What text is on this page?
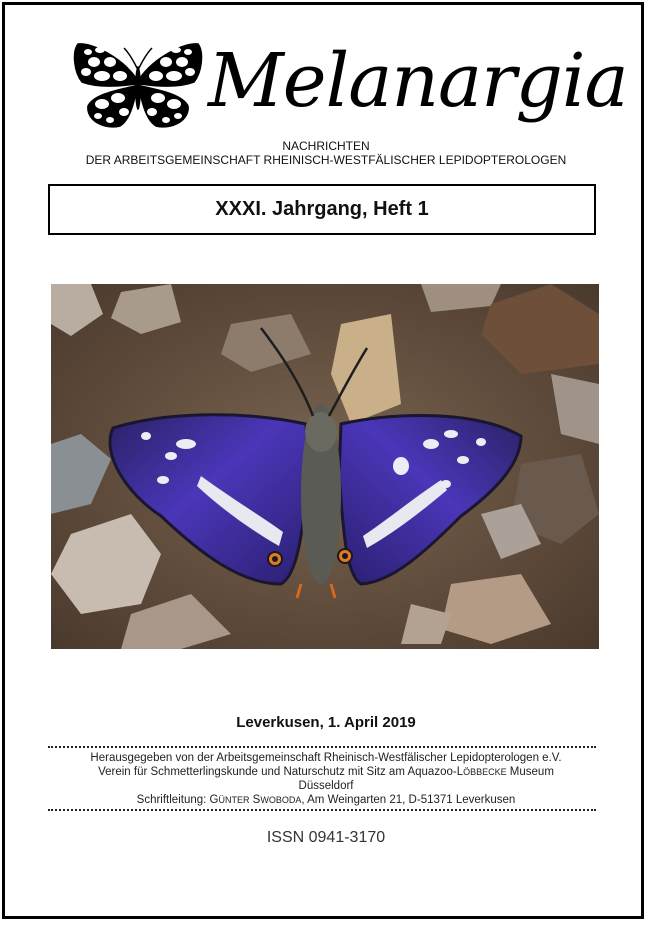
Melanargia
NACHRICHTEN
DER ARBEITSGEMEINSCHAFT RHEINISCH-WESTFÄLISCHER LEPIDOPTEROLOGEN
XXXI. Jahrgang, Heft 1
Leverkusen, 1. April 2019
Herausgegeben von der Arbeitsgemeinschaft Rheinisch-Westfälischer Lepidopterologen e.V.
Verein für Schmetterlingskunde und Naturschutz mit Sitz am Aquazoo-LÖBBECKE Museum
Düsseldorf
Schriftleitung: GÜNTER SWOBODA, Am Weingarten 21, D-51371 Leverkusen
ISSN 0941-3170
